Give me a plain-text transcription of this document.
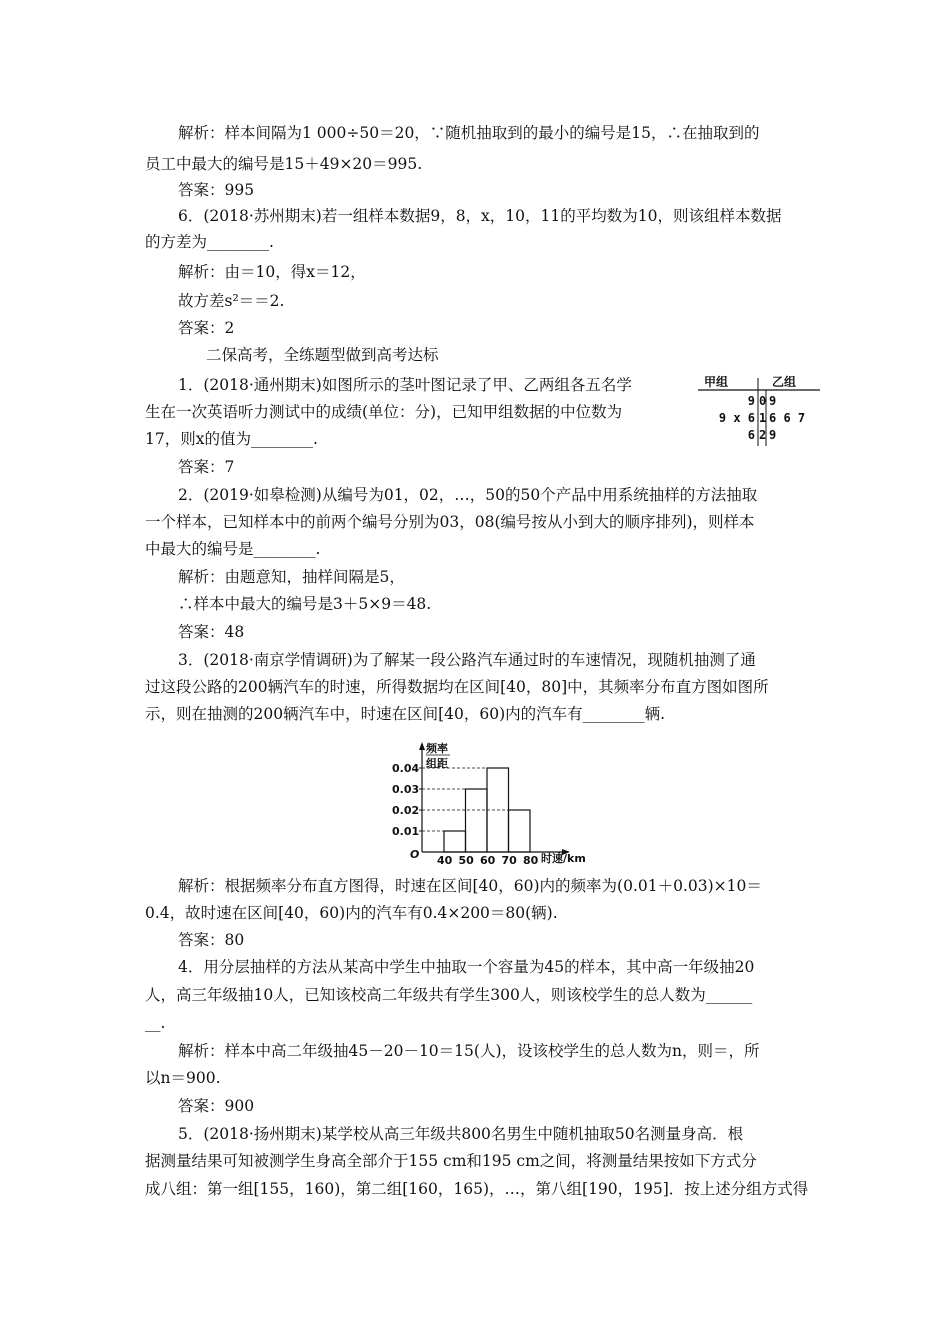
解析：样本间隔为1 000÷50＝20，∵随机抽取到的最小的编号是15，∴在抽取到的
员工中最大的编号是15＋49×20＝995.
答案：995
6．(2018·苏州期末)若一组样本数据9，8，x，10，11的平均数为10，则该组样本数据
的方差为________.
解析：由＝10，得x＝12，
故方差s²＝＝2.
答案：2
二保高考，全练题型做到高考达标
1．(2018·通州期末)如图所示的茎叶图记录了甲、乙两组各五名学
生在一次英语听力测试中的成绩(单位：分)，已知甲组数据的中位数为
17，则x的值为________.
答案：7
2．(2019·如皋检测)从编号为01，02，…，50的50个产品中用系统抽样的方法抽取
一个样本，已知样本中的前两个编号分别为03，08(编号按从小到大的顺序排列)，则样本
中最大的编号是________.
解析：由题意知，抽样间隔是5，
∴样本中最大的编号是3＋5×9＝48.
答案：48
3．(2018·南京学情调研)为了解某一段公路汽车通过时的车速情况，现随机抽测了通
过这段公路的200辆汽车的时速，所得数据均在区间[40，80]中，其频率分布直方图如图所
示，则在抽测的200辆汽车中，时速在区间[40，60)内的汽车有________辆.
解析：根据频率分布直方图得，时速在区间[40，60)内的频率为(0.01＋0.03)×10＝
0.4，故时速在区间[40，60)内的汽车有0.4×200＝80(辆).
答案：80
4．用分层抽样的方法从某高中学生中抽取一个容量为45的样本，其中高一年级抽20
人，高三年级抽10人，已知该校高二年级共有学生300人，则该校学生的总人数为______
__.
解析：样本中高二年级抽45－20－10＝15(人)，设该校学生的总人数为n，则＝，所
以n＝900.
答案：900
5．(2018·扬州期末)某学校从高三年级共800名男生中随机抽取50名测量身高．根
据测量结果可知被测学生身高全部介于155 cm和195 cm之间，将测量结果按如下方式分
成八组：第一组[155，160)，第二组[160，165)，…，第八组[190，195]．按上述分组方式得
甲组	乙组
9 0 9
9 x 6 1 6 6 7
6 2 9
频率
组距
O	时速/km
0.04
0.03
0.02
0.01
40 50 60 70 80
